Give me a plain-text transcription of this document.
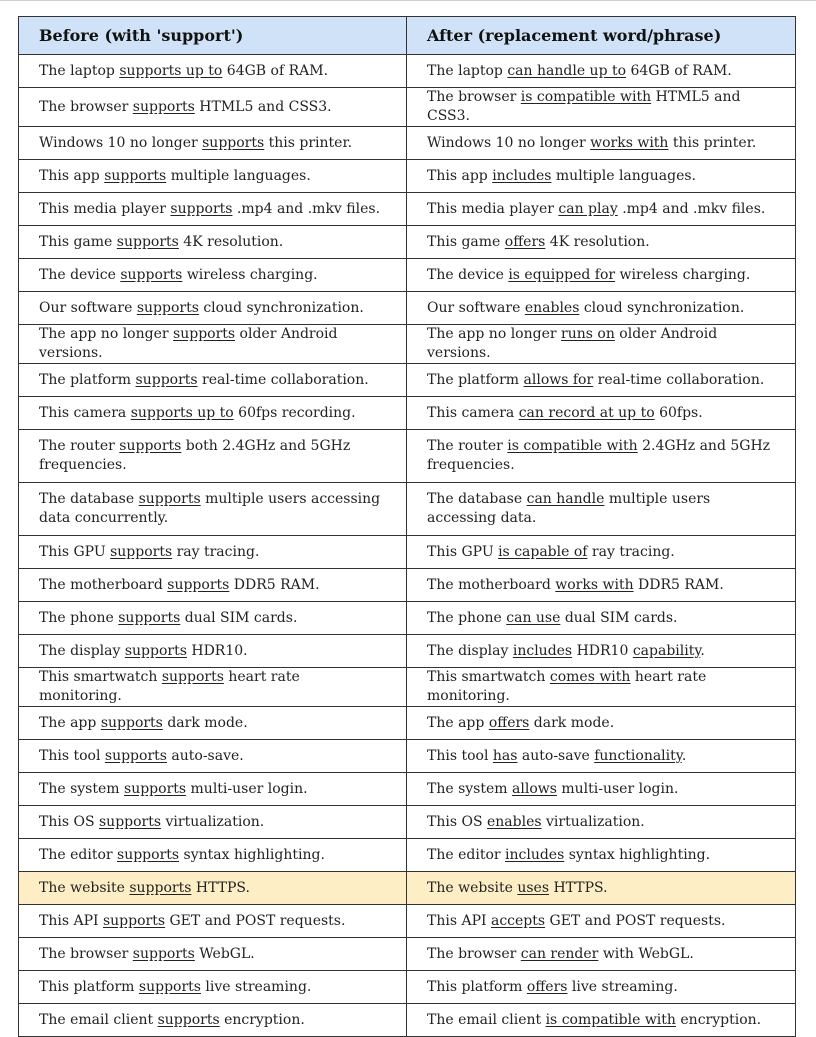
Before (with 'support')	After (replacement word/phrase)
The laptop supports up to 64GB of RAM.	The laptop can handle up to 64GB of RAM.
The browser supports HTML5 and CSS3.	The browser is compatible with HTML5 and CSS3.
Windows 10 no longer supports this printer.	Windows 10 no longer works with this printer.
This app supports multiple languages.	This app includes multiple languages.
This media player supports .mp4 and .mkv files.	This media player can play .mp4 and .mkv files.
This game supports 4K resolution.	This game offers 4K resolution.
The device supports wireless charging.	The device is equipped for wireless charging.
Our software supports cloud synchronization.	Our software enables cloud synchronization.
The app no longer supports older Android versions.	The app no longer runs on older Android versions.
The platform supports real-time collaboration.	The platform allows for real-time collaboration.
This camera supports up to 60fps recording.	This camera can record at up to 60fps.
The router supports both 2.4GHz and 5GHz frequencies.	The router is compatible with 2.4GHz and 5GHz frequencies.
The database supports multiple users accessing data concurrently.	The database can handle multiple users accessing data.
This GPU supports ray tracing.	This GPU is capable of ray tracing.
The motherboard supports DDR5 RAM.	The motherboard works with DDR5 RAM.
The phone supports dual SIM cards.	The phone can use dual SIM cards.
The display supports HDR10.	The display includes HDR10 capability.
This smartwatch supports heart rate monitoring.	This smartwatch comes with heart rate monitoring.
The app supports dark mode.	The app offers dark mode.
This tool supports auto-save.	This tool has auto-save functionality.
The system supports multi-user login.	The system allows multi-user login.
This OS supports virtualization.	This OS enables virtualization.
The editor supports syntax highlighting.	The editor includes syntax highlighting.
The website supports HTTPS.	The website uses HTTPS.
This API supports GET and POST requests.	This API accepts GET and POST requests.
The browser supports WebGL.	The browser can render with WebGL.
This platform supports live streaming.	This platform offers live streaming.
The email client supports encryption.	The email client is compatible with encryption.
